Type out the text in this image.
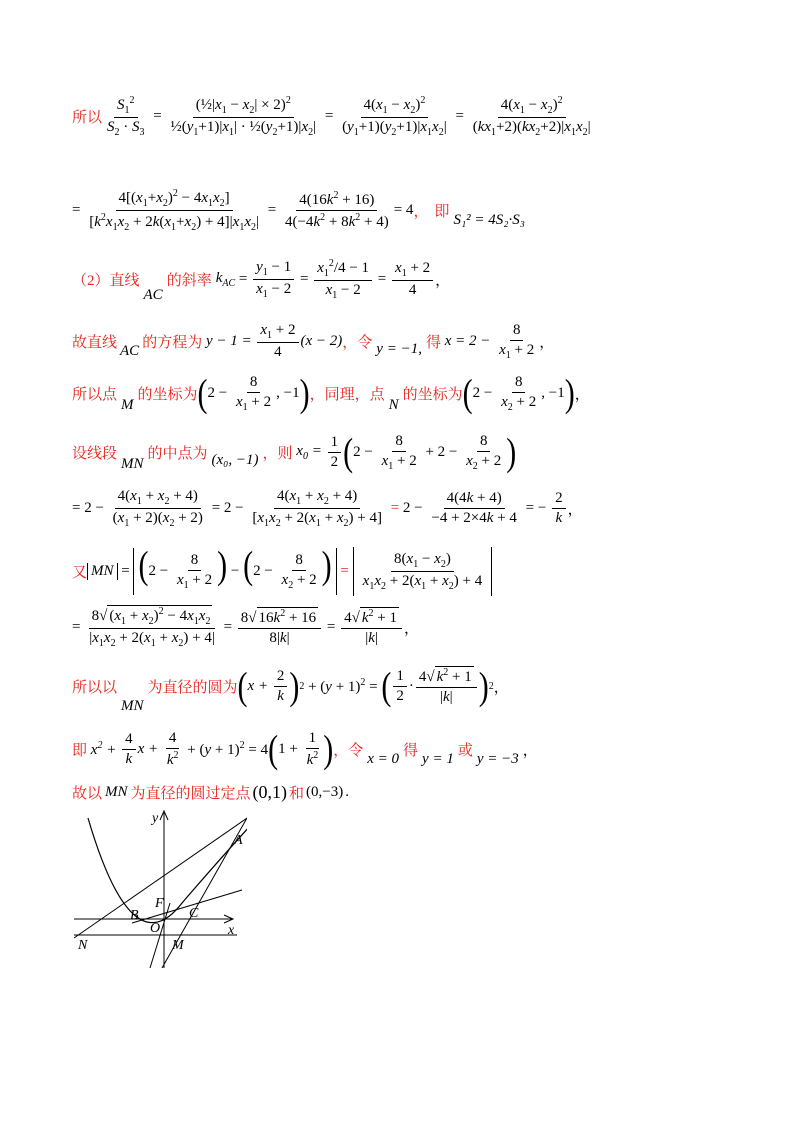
所以 $\frac{S_1^2}{S_2 \cdot S_3} = \frac{(\frac{1}{2}|x_1 - x_2| \times 2)^2}{\frac{1}{2}(y_1+1)|x_1| \cdot \frac{1}{2}(y_2+1)|x_2|} = \frac{4(x_1 - x_2)^2}{(y_1+1)(y_2+1)|x_1x_2|} = \frac{4(x_1 - x_2)^2}{(kx_1+2)(kx_2+2)|x_1x_2|}$
= $\frac{4[(x_1+x_2)^2 - 4x_1x_2]}{[k^2x_1x_2 + 2k(x_1+x_2) + 4]|x_1x_2|} = \frac{4(16k^2 + 16)}{4(-4k^2 + 8k^2 + 4)} = 4$ ， 即 S₁² = 4S₂·S₃
（2）直线
AC
的斜率 $k_{AC} = \frac{y_1 - 1}{x_1 - 2} = \frac{x_1^2/4 - 1}{x_1 - 2} = \frac{x_1 + 2}{4}$ ，
故直线 AC 的方程为 $y - 1 = \frac{x_1 + 2}{4} (x - 2)$ ，令 y = −1, 得 $x = 2 - \frac{8}{x_1 + 2}$ ，
所以点
M
的坐标为 ( $2 - \frac{8}{x_1 + 2}$ , −1 ) ，同理，点
N
的坐标为 ( $2 - \frac{8}{x_2 + 2}$ , −1 ) ，
设线段
MN
的中点为 (x₀, −1) ，则 $x_0 = \frac{1}{2}$ ( $2 - \frac{8}{x_1 + 2} + 2 - \frac{8}{x_2 + 2}$ )
= $2 - \frac{4(x_1 + x_2 + 4)}{(x_1 + 2)(x_2 + 2)} = 2 - \frac{4(x_1 + x_2 + 4)}{[x_1x_2 + 2(x_1 + x_2) + 4]} = 2 - \frac{4(4k + 4)}{-4 + 2\times 4k + 4}$ = − $\frac{2}{k}$ ，
又 MN = ($2 - \frac{8}{x_1 + 2}$ ) − ($2 - \frac{8}{x_2 + 2}$ ) = $\frac{8(x_1 - x_2)}{x_1x_2 + 2(x_1 + x_2) + 4}$
= $\frac{8√ (x_1 + x_2)^2 - 4x_1x_2}{|x_1x_2 + 2(x_1 + x_2) + 4|} = \frac{8√ 16k^2 + 16}{8|k|} = \frac{4√ k^2 + 1}{|k|}$ ，
所以以
MN
为直径的圆为 ( $x + \frac{2}{k}$ ) $2 + (y + 1)^2$ = ( $\frac{1}{2} \cdot \frac{4√ k^2 + 1}{|k|}$ ) 2 ，
即 $x^2 + \frac{4}{k}$ $x + \frac{4}{k^2} + (y + 1)^2 = 4$ ( $1 + \frac{1}{k^2}$ ) ，令 x = 0 得 y = 1 或 y = −3 ，
故以 MN 为直径的圆过定点 (0,1) 和 (0,−3) .
y
x
A
F
B	C
O
N	M
